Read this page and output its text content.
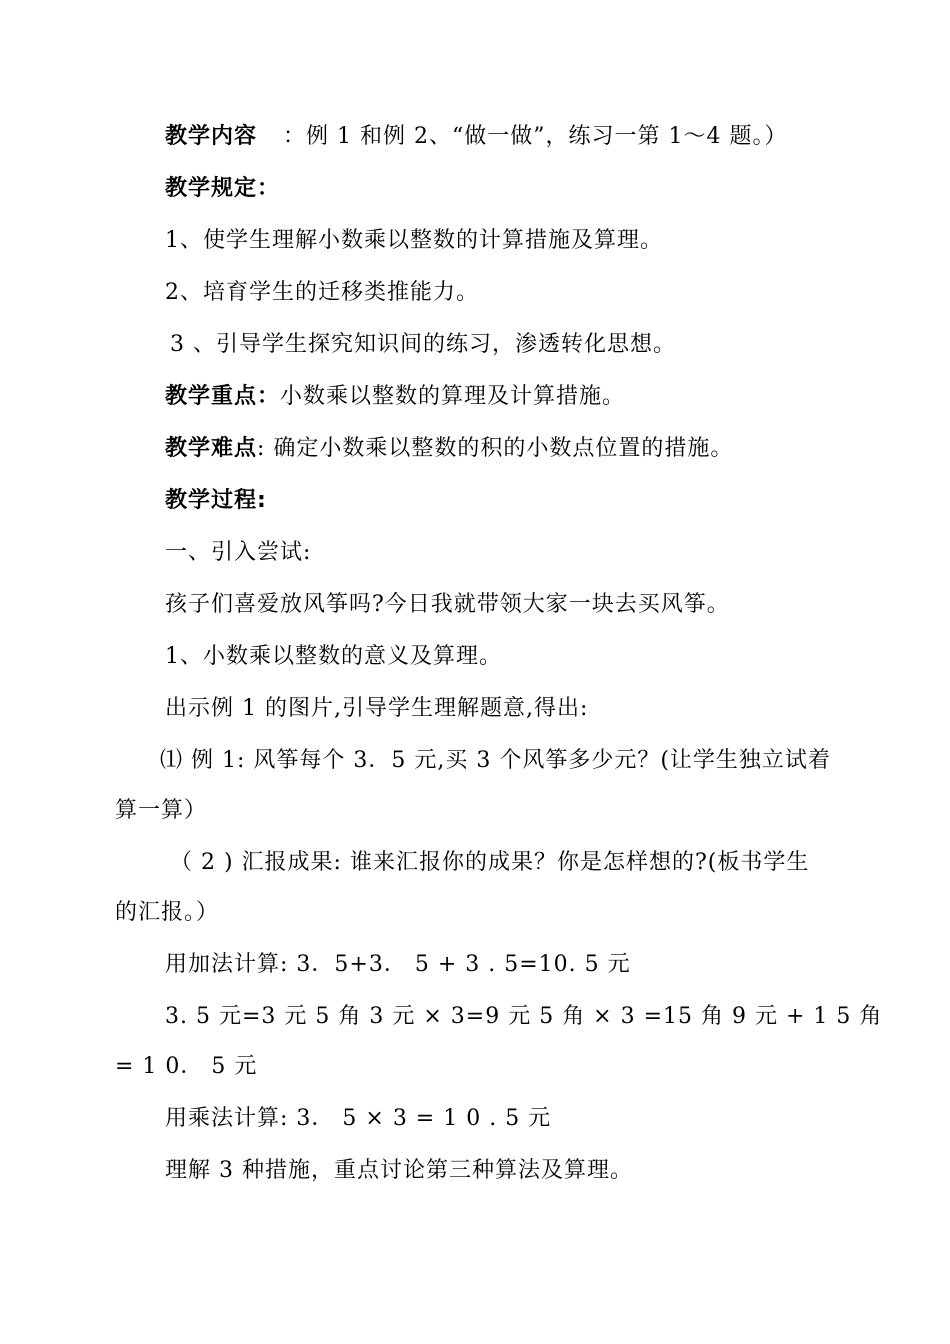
教学内容 ：例 1 和例 2、“做一做”，练习一第 1～4 题。）
教学规定：
1、使学生理解小数乘以整数的计算措施及算理。
2、培育学生的迁移类推能力。
3 、引导学生探究知识间的练习，渗透转化思想。
教学重点：小数乘以整数的算理及计算措施。
教学难点: 确定小数乘以整数的积的小数点位置的措施。
教学过程:
一、引入尝试:
孩子们喜爱放风筝吗?今日我就带领大家一块去买风筝。
1、小数乘以整数的意义及算理。
出示例 1 的图片,引导学生理解题意,得出:
⑴ 例 1: 风筝每个 3．5 元,买 3 个风筝多少元？(让学生独立试着
算一算）
（ 2 ) 汇报成果: 谁来汇报你的成果？你是怎样想的?(板书学生
的汇报。）
用加法计算: 3．5+3． 5 + 3 . 5=10. 5 元
3. 5 元=3 元 5 角 3 元 × 3=9 元 5 角 × 3 =15 角 9 元 + 1 5 角
= 1 0． 5 元
用乘法计算: 3． 5 × 3 = 1 0 . 5 元
理解 3 种措施，重点讨论第三种算法及算理。
